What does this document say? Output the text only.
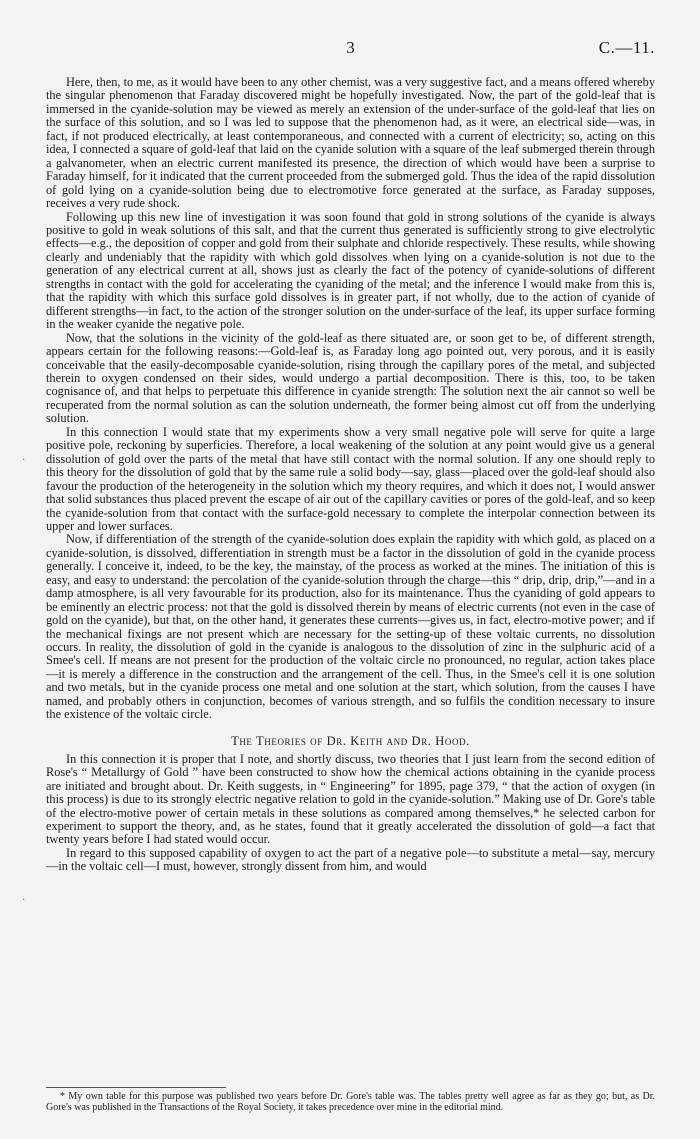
3	C.—11.

Here, then, to me, as it would have been to any other chemist, was a very suggestive fact, and a means offered whereby the singular phenomenon that Faraday discovered might be hopefully investigated. Now, the part of the gold-leaf that is immersed in the cyanide-solution may be viewed as merely an extension of the under-surface of the gold-leaf that lies on the surface of this solution, and so I was led to suppose that the phenomenon had, as it were, an electrical side—was, in fact, if not produced electrically, at least contemporaneous, and connected with a current of electricity; so, acting on this idea, I connected a square of gold-leaf that laid on the cyanide solution with a square of the leaf submerged therein through a galvanometer, when an electric current manifested its presence, the direction of which would have been a surprise to Faraday himself, for it indicated that the current proceeded from the submerged gold. Thus the idea of the rapid dissolution of gold lying on a cyanide-solution being due to electromotive force generated at the surface, as Faraday supposes, receives a very rude shock.

Following up this new line of investigation it was soon found that gold in strong solutions of the cyanide is always positive to gold in weak solutions of this salt, and that the current thus generated is sufficiently strong to give electrolytic effects—e.g., the deposition of copper and gold from their sulphate and chloride respectively. These results, while showing clearly and undeniably that the rapidity with which gold dissolves when lying on a cyanide-solution is not due to the generation of any electrical current at all, shows just as clearly the fact of the potency of cyanide-solutions of different strengths in contact with the gold for accelerating the cyaniding of the metal; and the inference I would make from this is, that the rapidity with which this surface gold dissolves is in greater part, if not wholly, due to the action of cyanide of different strengths—in fact, to the action of the stronger solution on the under-surface of the leaf, its upper surface forming in the weaker cyanide the negative pole.

Now, that the solutions in the vicinity of the gold-leaf as there situated are, or soon get to be, of different strength, appears certain for the following reasons:—Gold-leaf is, as Faraday long ago pointed out, very porous, and it is easily conceivable that the easily-decomposable cyanide-solution, rising through the capillary pores of the metal, and subjected therein to oxygen condensed on their sides, would undergo a partial decomposition. There is this, too, to be taken cognisance of, and that helps to perpetuate this difference in cyanide strength: The solution next the air cannot so well be recuperated from the normal solution as can the solution underneath, the former being almost cut off from the underlying solution.

In this connection I would state that my experiments show a very small negative pole will serve for quite a large positive pole, reckoning by superficies. Therefore, a local weakening of the solution at any point would give us a general dissolution of gold over the parts of the metal that have still contact with the normal solution. If any one should reply to this theory for the dissolution of gold that by the same rule a solid body—say, glass—placed over the gold-leaf should also favour the production of the heterogeneity in the solution which my theory requires, and which it does not, I would answer that solid substances thus placed prevent the escape of air out of the capillary cavities or pores of the gold-leaf, and so keep the cyanide-solution from that contact with the surface-gold necessary to complete the interpolar connection between its upper and lower surfaces.

Now, if differentiation of the strength of the cyanide-solution does explain the rapidity with which gold, as placed on a cyanide-solution, is dissolved, differentiation in strength must be a factor in the dissolution of gold in the cyanide process generally. I conceive it, indeed, to be the key, the mainstay, of the process as worked at the mines. The initiation of this is easy, and easy to understand: the percolation of the cyanide-solution through the charge—this “ drip, drip, drip,”—and in a damp atmosphere, is all very favourable for its production, also for its maintenance. Thus the cyaniding of gold appears to be eminently an electric process: not that the gold is dissolved therein by means of electric currents (not even in the case of gold on the cyanide), but that, on the other hand, it generates these currents—gives us, in fact, electro-motive power; and if the mechanical fixings are not present which are necessary for the setting-up of these voltaic currents, no dissolution occurs. In reality, the dissolution of gold in the cyanide is analogous to the dissolution of zinc in the sulphuric acid of a Smee's cell. If means are not present for the production of the voltaic circle no pronounced, no regular, action takes place—it is merely a difference in the construction and the arrangement of the cell. Thus, in the Smee's cell it is one solution and two metals, but in the cyanide process one metal and one solution at the start, which solution, from the causes I have named, and probably others in conjunction, becomes of various strength, and so fulfils the condition necessary to insure the existence of the voltaic circle.

The Theories of Dr. Keith and Dr. Hood.

In this connection it is proper that I note, and shortly discuss, two theories that I just learn from the second edition of Rose's “ Metallurgy of Gold ” have been constructed to show how the chemical actions obtaining in the cyanide process are initiated and brought about. Dr. Keith suggests, in “ Engineering” for 1895, page 379, “ that the action of oxygen (in this process) is due to its strongly electric negative relation to gold in the cyanide-solution.” Making use of Dr. Gore's table of the electro-motive power of certain metals in these solutions as compared among themselves,* he selected carbon for experiment to support the theory, and, as he states, found that it greatly accelerated the dissolution of gold—a fact that twenty years before I had stated would occur.

In regard to this supposed capability of oxygen to act the part of a negative pole—to substitute a metal—say, mercury—in the voltaic cell—I must, however, strongly dissent from him, and would

* My own table for this purpose was published two years before Dr. Gore's table was. The tables pretty well agree as far as they go; but, as Dr. Gore's was published in the Transactions of the Royal Society, it takes precedence over mine in the editorial mind.
·
·
